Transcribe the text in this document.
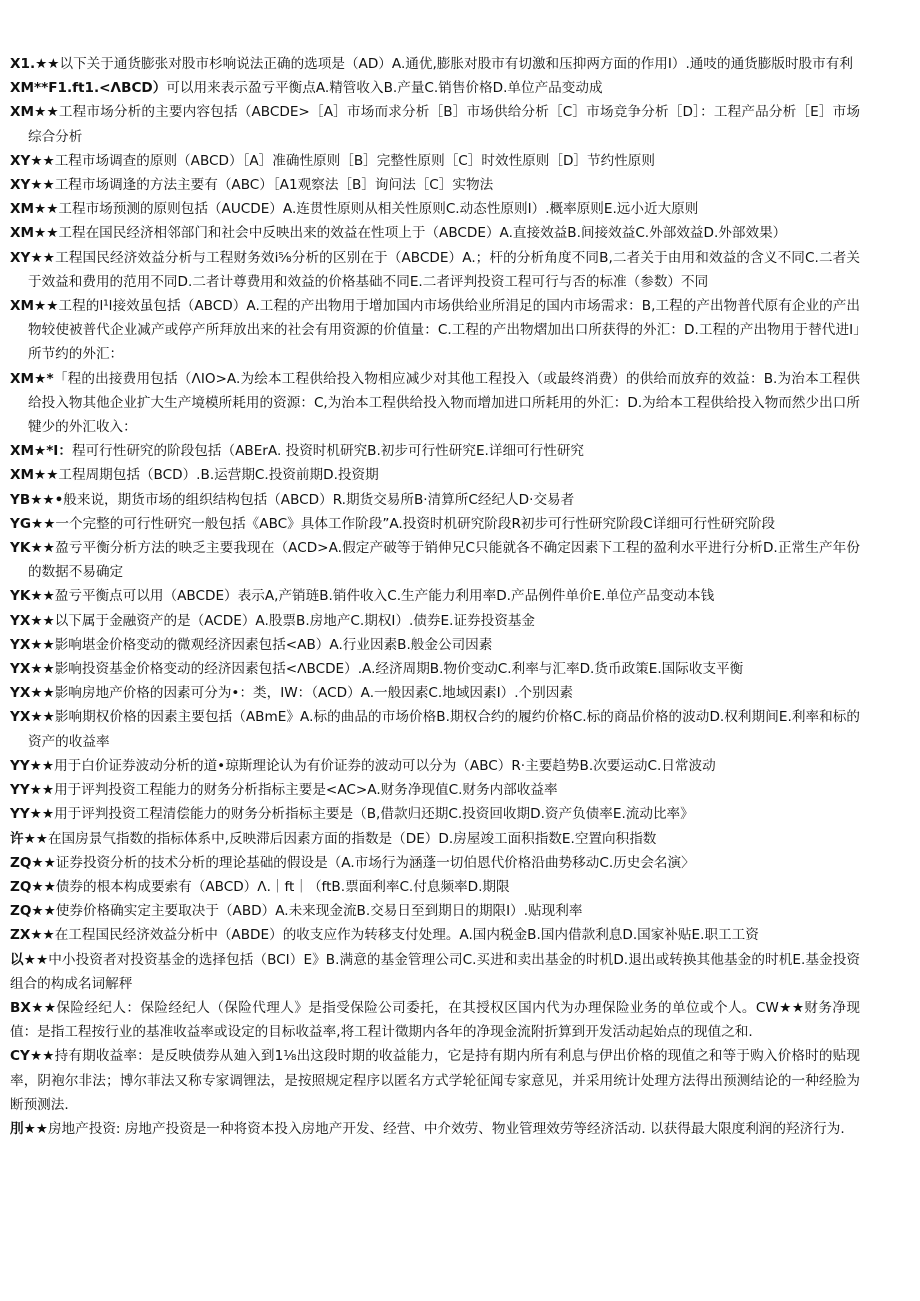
X1.★★以下关于通货膨张对股市杉响说法正确的选项是（AD）A.通优,膨胀对股市有切激和压抑两方面的作用I）.通吱的通货膨版时股市有利

XM**F1.ft1.<ΛBCD）可以用来表示盈亏平衡点A.精管收入B.产量C.销售价格D.单位产品变动成

XM★★工程市场分析的主要内容包括（ABCDE>［A］市场而求分析［B］市场供给分析［C］市场竞争分析［D］：工程产品分析［E］市场综合分析

XY★★工程市场调查的原则（ABCD）［A］准确性原则［B］完整性原则［C］时效性原则［D］节约性原则

XY★★工程市场调逢的方法主要有（ABC）［A1观察法［B］询问法［C］实物法

XM★★工程市场预测的原则包括（AUCDE）A.连贯性原则从相关性原则C.动态性原则I）.概率原则E.远小近大原则

XM★★工程在国民经济相邻部门和社会中反映出来的效益在性项上于（ABCDE）A.直接效益B.间接效益C.外部效益D.外部效果）

XY★★工程国民经济效益分析与工程财务效i⅝分析的区别在于（ABCDE）A.；杆的分析角度不同B,二者关于由用和效益的含义不同C.二者关于效益和费用的范用不同D.二者计尊费用和效益的价格基础不同E.二者评判投资工程可行与否的标准（参数）不同

XM★★工程的l¹l接效虽包括（ABCD）A.工程的产出物用于增加国内市场供给业所涓足的国内市场需求：B,工程的产出物普代原有企业的产出物较使被普代企业减产或停产所拜放出来的社会有用资源的价值量：C.工程的产出物熠加出口所获得的外汇：D.工程的产出物用于替代进I」所节约的外汇：

XM★*「程的出接费用包括（ΛIO>A.为绘本工程供给投入物相应减少对其他工程投入（或最终消费）的供给而放弃的效益：B.为治本工程供给投入物其他企业扩大生产境模所耗用的资源：C,为治本工程供给投入物而增加进口所耗用的外汇：D.为给本工程供给投入物而然少出口所犍少的外汇收入：

XM★*I：程可行性研究的阶段包括（ABErA. 投资时机研究B.初步可行性研究E.详细可行性研究

XM★★工程周期包括（BCD）.B.运营期C.投资前期D.投资期

YB★★•般来说，期货市场的组织结构包括（ABCD）R.期货交易所B·清算所C经纪人D·交易者

YG★★一个完整的可行性研究一般包括《ABC》具体工作阶段”A.投资时机研究阶段R初步可行性研究阶段C详细可行性研究阶段

YK★★盈亏平衡分析方法的映乏主要我现在（ACD>A.假定产破等于销伸兄C只能就各不确定因素下工程的盈利水平进行分析D.正常生产年份的数据不易确定

YK★★盈亏平衡点可以用（ABCDE）表示A,产销琏B.销件收入C.生产能力利用率D.产品例件单价E.单位产品变动本钱

YX★★以下属于金融资产的是（ACDE）A.股票B.房地产C.期权I）.债券E.证券投资基金

YX★★影响堪金价格变动的微观经济因素包括<AB）A.行业因素B.般金公司因素

YX★★影响投资基金价格变动的经济因素包括<ΛBCDE）.A.经济周期B.物价变动C.利率与汇率D.货币政策E.国际收支平衡

YX★★影响房地产价格的因素可分为•：类，IW：（ACD）A.一般因素C.地域因素I）.个别因素

YX★★影响期权价格的因素主要包括（ABmE》A.标的曲品的市场价格B.期权合约的履约价格C.标的商品价格的波动D.权利期间E.利率和标的资产的收益率

YY★★用于白价证券波动分析的道•琼斯理论认为有价证券的波动可以分为（ABC）R·主要趋势B.次要运动C.日常波动

YY★★用于评判投资工程能力的财务分析指标主要是<AC>A.财务净现值C.财务内部收益率

YY★★用于评判投资工程清偿能力的财务分析指标主要是（B,借款归还期C.投资回收期D.资产负债率E.流动比率》

许★★在国房景气指数的指标体系中,反映滞后因素方面的指数是（DE）D.房屋竣工面积指数E.空置向积指数

ZQ★★证券投资分析的技术分析的理论基础的假设是（A.市场行为涵蓬一切伯恩代价格沿曲势移动C.历史会名演〉

ZQ★★债券的根本构成要索有（ABCD）Λ.｜ft｜（ftB.票面利率C.付息频率D.期限

ZQ★★使券价格确实定主要取决于（ABD）A.未来现金流B.交易日至到期日的期限I）.贴现利率

ZX★★在工程国民经济效益分析中（ABDE）的收支应作为转移支付处理。A.国内税金B.国内借款利息D.国家补贴E.职工工资

以★★中小投资者对投资基金的选择包括（BCI）E》B.满意的基金管理公司C.买进和卖出基金的时机D.退出或转换其他基金的时机E.基金投资组合的构成名词解秤

BX★★保险经纪人：保险经纪人（保险代理人》是指受保险公司委托，在其授权区国内代为办理保险业务的单位或个人。CW★★财务净现值：是指工程按行业的基准收益率或设定的目标收益率,将工程计徵期内各年的净现金流附折算到开发活动起始点的现值之和.

CY★★持有期收益率：是反映债券从廸入到1⅛出这段时期的收益能力，它是持有期内所有利息与伊出价格的现值之和等于购入价格时的贴现率，阴袍尔非法；博尔菲法又称专家调锂法，是按照规定程序以匿名方式学轮征闻专家意见，并采用统计处理方法得出预测结论的一种经脸为断预测法.

刖★★房地产投资: 房地产投资是一种将资本投入房地产开发、经营、中介效劳、物业管理效劳等经济活动. 以获得最大限度利润的羟济行为.
